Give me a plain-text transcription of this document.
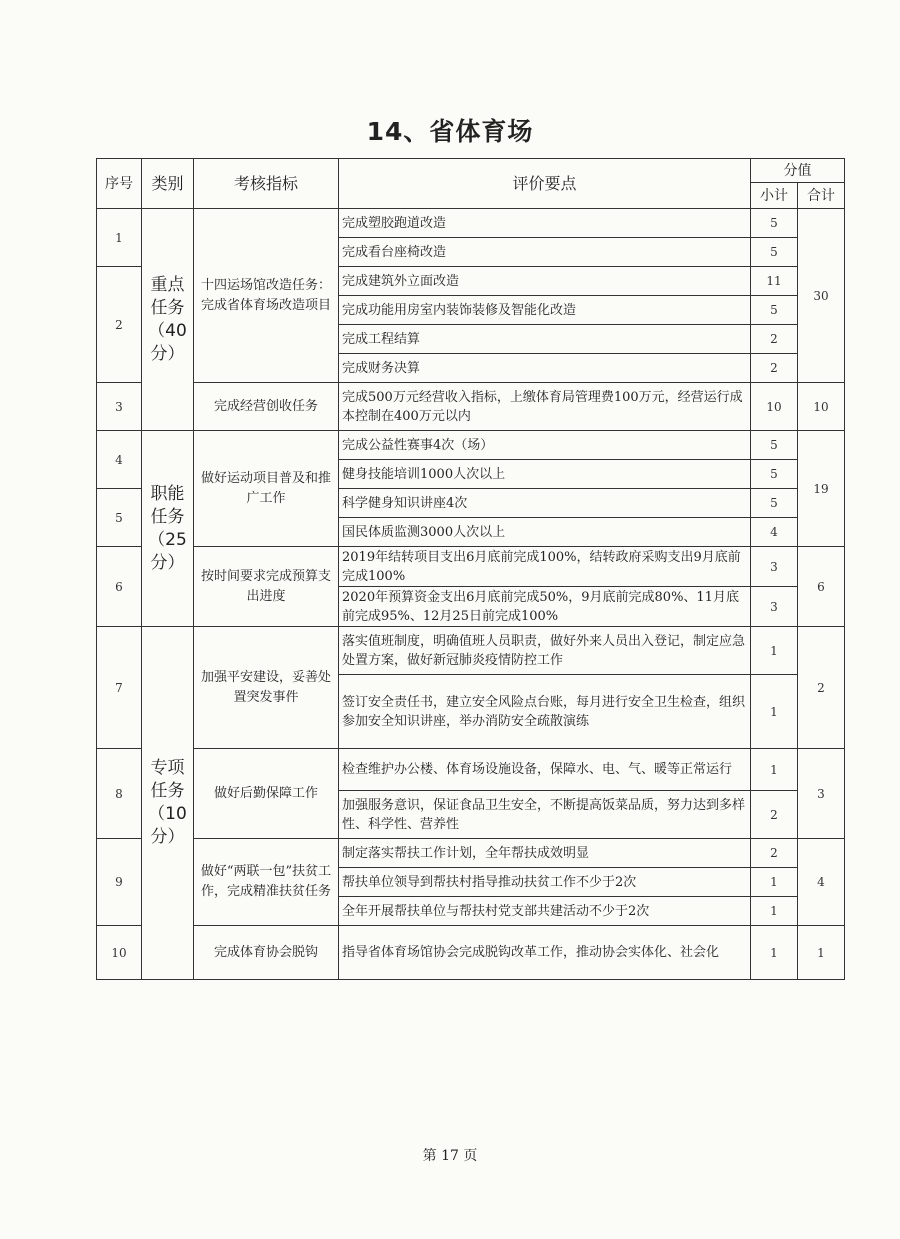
14、省体育场
序号	类别	考核指标	评价要点	分值	
				小计	合计
1	重点任务（40分）	十四运场馆改造任务：完成省体育场改造项目	完成塑胶跑道改造	5	30
			完成看台座椅改造	5	
2			完成建筑外立面改造	11	
			完成功能用房室内装饰装修及智能化改造	5	
			完成工程结算	2	
			完成财务决算	2	
3		完成经营创收任务	完成500万元经营收入指标，上缴体育局管理费100万元，经营运行成本控制在400万元以内	10	10
4	职能任务（25分）	做好运动项目普及和推广工作	完成公益性赛事4次（场）	5	19
			健身技能培训1000人次以上	5	
5			科学健身知识讲座4次	5	
			国民体质监测3000人次以上	4	
6		按时间要求完成预算支出进度	2019年结转项目支出6月底前完成100%，结转政府采购支出9月底前完成100%	3	6
			2020年预算资金支出6月底前完成50%，9月底前完成80%、11月底前完成95%、12月25日前完成100%	3	
7	专项任务（10分）	加强平安建设，妥善处置突发事件	落实值班制度，明确值班人员职责，做好外来人员出入登记，制定应急处置方案，做好新冠肺炎疫情防控工作	1	2
			签订安全责任书，建立安全风险点台账，每月进行安全卫生检查，组织参加安全知识讲座，举办消防安全疏散演练	1	
8		做好后勤保障工作	检查维护办公楼、体育场设施设备，保障水、电、气、暖等正常运行	1	3
			加强服务意识，保证食品卫生安全，不断提高饭菜品质，努力达到多样性、科学性、营养性	2	
9		做好“两联一包”扶贫工作，完成精准扶贫任务	制定落实帮扶工作计划，全年帮扶成效明显	2	4
			帮扶单位领导到帮扶村指导推动扶贫工作不少于2次	1	
			全年开展帮扶单位与帮扶村党支部共建活动不少于2次	1	
10		完成体育协会脱钩	指导省体育场馆协会完成脱钩改革工作，推动协会实体化、社会化	1	1
第 17 页
